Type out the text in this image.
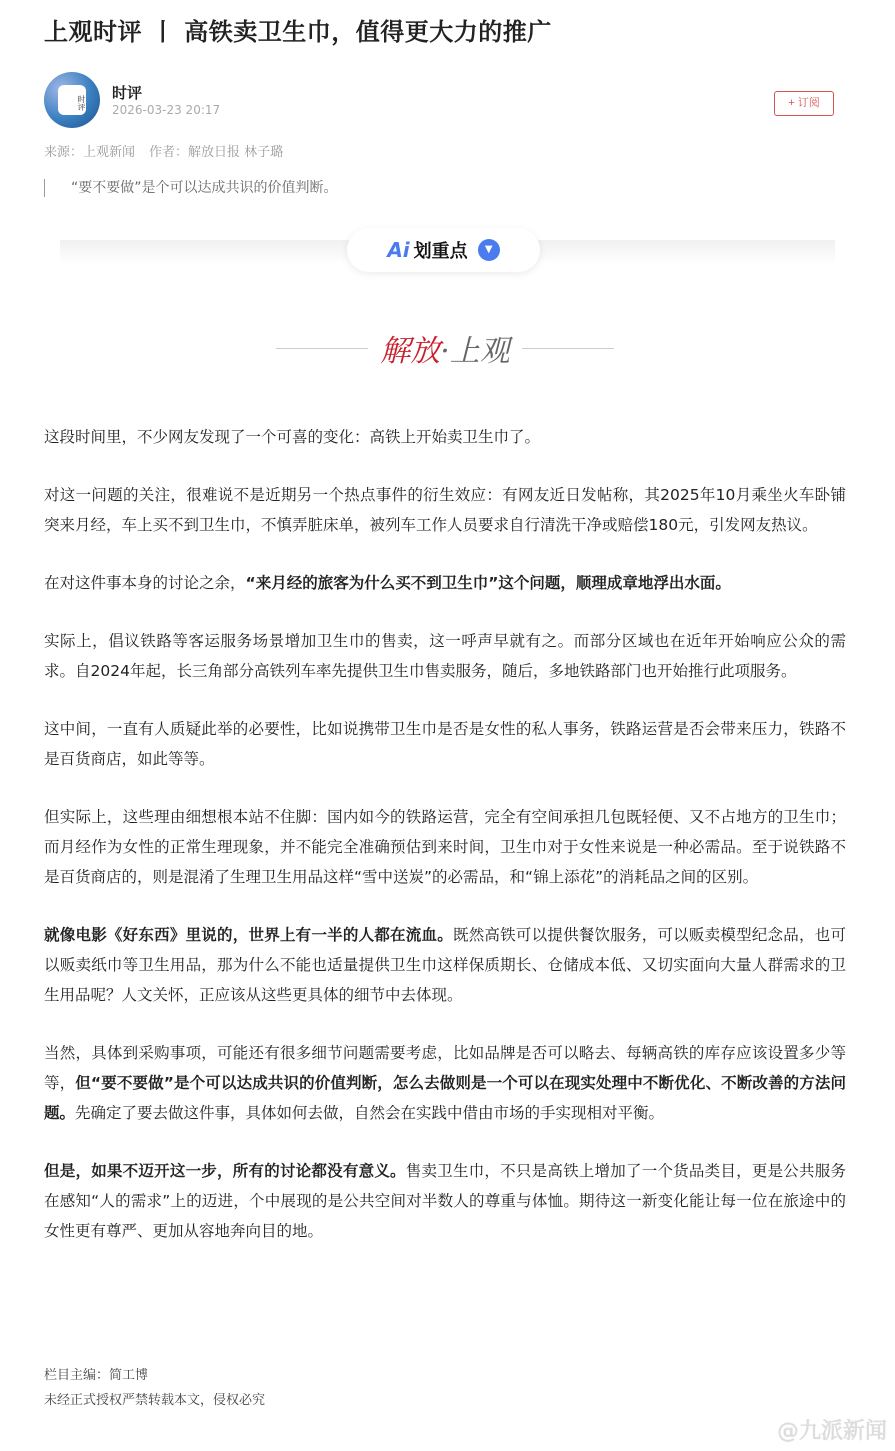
上观时评 丨 高铁卖卫生巾，值得更大力的推广
时评
时评
2026-03-23 20:17	+ 订阅
来源：上观新闻 作者：解放日报 林子璐
“要不要做”是个可以达成共识的价值判断。
Ai 划重点	▼
解放·上观

这段时间里，不少网友发现了一个可喜的变化：高铁上开始卖卫生巾了。

对这一问题的关注，很难说不是近期另一个热点事件的衍生效应：有网友近日发帖称，其2025年10月乘坐火车卧铺突来月经，车上买不到卫生巾，不慎弄脏床单，被列车工作人员要求自行清洗干净或赔偿180元，引发网友热议。

在对这件事本身的讨论之余，“来月经的旅客为什么买不到卫生巾”这个问题，顺理成章地浮出水面。

实际上，倡议铁路等客运服务场景增加卫生巾的售卖，这一呼声早就有之。而部分区域也在近年开始响应公众的需求。自2024年起，长三角部分高铁列车率先提供卫生巾售卖服务，随后，多地铁路部门也开始推行此项服务。

这中间，一直有人质疑此举的必要性，比如说携带卫生巾是否是女性的私人事务，铁路运营是否会带来压力，铁路不是百货商店，如此等等。

但实际上，这些理由细想根本站不住脚：国内如今的铁路运营，完全有空间承担几包既轻便、又不占地方的卫生巾；而月经作为女性的正常生理现象，并不能完全准确预估到来时间，卫生巾对于女性来说是一种必需品。至于说铁路不是百货商店的，则是混淆了生理卫生用品这样“雪中送炭”的必需品，和“锦上添花”的消耗品之间的区别。

就像电影《好东西》里说的，世界上有一半的人都在流血。既然高铁可以提供餐饮服务，可以贩卖模型纪念品，也可以贩卖纸巾等卫生用品，那为什么不能也适量提供卫生巾这样保质期长、仓储成本低、又切实面向大量人群需求的卫生用品呢？人文关怀，正应该从这些更具体的细节中去体现。

当然，具体到采购事项，可能还有很多细节问题需要考虑，比如品牌是否可以略去、每辆高铁的库存应该设置多少等等，但“要不要做”是个可以达成共识的价值判断，怎么去做则是一个可以在现实处理中不断优化、不断改善的方法问题。先确定了要去做这件事，具体如何去做，自然会在实践中借由市场的手实现相对平衡。

但是，如果不迈开这一步，所有的讨论都没有意义。售卖卫生巾，不只是高铁上增加了一个货品类目，更是公共服务在感知“人的需求”上的迈进，个中展现的是公共空间对半数人的尊重与体恤。期待这一新变化能让每一位在旅途中的女性更有尊严、更加从容地奔向目的地。

栏目主编：简工博
未经正式授权严禁转载本文，侵权必究
@九派新闻
